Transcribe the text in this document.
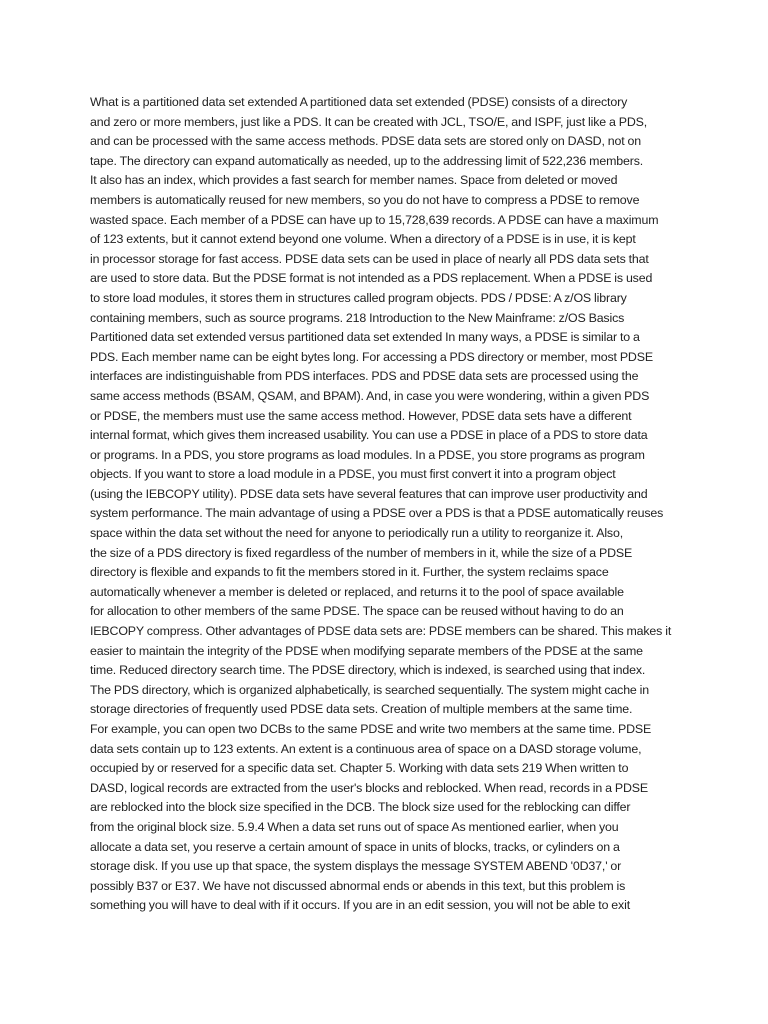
What is a partitioned data set extended A partitioned data set extended (PDSE) consists of a directory
and zero or more members, just like a PDS. It can be created with JCL, TSO/E, and ISPF, just like a PDS,
and can be processed with the same access methods. PDSE data sets are stored only on DASD, not on
tape. The directory can expand automatically as needed, up to the addressing limit of 522,236 members.
It also has an index, which provides a fast search for member names. Space from deleted or moved
members is automatically reused for new members, so you do not have to compress a PDSE to remove
wasted space. Each member of a PDSE can have up to 15,728,639 records. A PDSE can have a maximum
of 123 extents, but it cannot extend beyond one volume. When a directory of a PDSE is in use, it is kept
in processor storage for fast access. PDSE data sets can be used in place of nearly all PDS data sets that
are used to store data. But the PDSE format is not intended as a PDS replacement. When a PDSE is used
to store load modules, it stores them in structures called program objects. PDS / PDSE: A z/OS library
containing members, such as source programs. 218 Introduction to the New Mainframe: z/OS Basics
Partitioned data set extended versus partitioned data set extended In many ways, a PDSE is similar to a
PDS. Each member name can be eight bytes long. For accessing a PDS directory or member, most PDSE
interfaces are indistinguishable from PDS interfaces. PDS and PDSE data sets are processed using the
same access methods (BSAM, QSAM, and BPAM). And, in case you were wondering, within a given PDS
or PDSE, the members must use the same access method. However, PDSE data sets have a different
internal format, which gives them increased usability. You can use a PDSE in place of a PDS to store data
or programs. In a PDS, you store programs as load modules. In a PDSE, you store programs as program
objects. If you want to store a load module in a PDSE, you must first convert it into a program object
(using the IEBCOPY utility). PDSE data sets have several features that can improve user productivity and
system performance. The main advantage of using a PDSE over a PDS is that a PDSE automatically reuses
space within the data set without the need for anyone to periodically run a utility to reorganize it. Also,
the size of a PDS directory is fixed regardless of the number of members in it, while the size of a PDSE
directory is flexible and expands to fit the members stored in it. Further, the system reclaims space
automatically whenever a member is deleted or replaced, and returns it to the pool of space available
for allocation to other members of the same PDSE. The space can be reused without having to do an
IEBCOPY compress. Other advantages of PDSE data sets are: PDSE members can be shared. This makes it
easier to maintain the integrity of the PDSE when modifying separate members of the PDSE at the same
time. Reduced directory search time. The PDSE directory, which is indexed, is searched using that index.
The PDS directory, which is organized alphabetically, is searched sequentially. The system might cache in
storage directories of frequently used PDSE data sets. Creation of multiple members at the same time.
For example, you can open two DCBs to the same PDSE and write two members at the same time. PDSE
data sets contain up to 123 extents. An extent is a continuous area of space on a DASD storage volume,
occupied by or reserved for a specific data set. Chapter 5. Working with data sets 219 When written to
DASD, logical records are extracted from the user's blocks and reblocked. When read, records in a PDSE
are reblocked into the block size specified in the DCB. The block size used for the reblocking can differ
from the original block size. 5.9.4 When a data set runs out of space As mentioned earlier, when you
allocate a data set, you reserve a certain amount of space in units of blocks, tracks, or cylinders on a
storage disk. If you use up that space, the system displays the message SYSTEM ABEND '0D37,' or
possibly B37 or E37. We have not discussed abnormal ends or abends in this text, but this problem is
something you will have to deal with if it occurs. If you are in an edit session, you will not be able to exit
